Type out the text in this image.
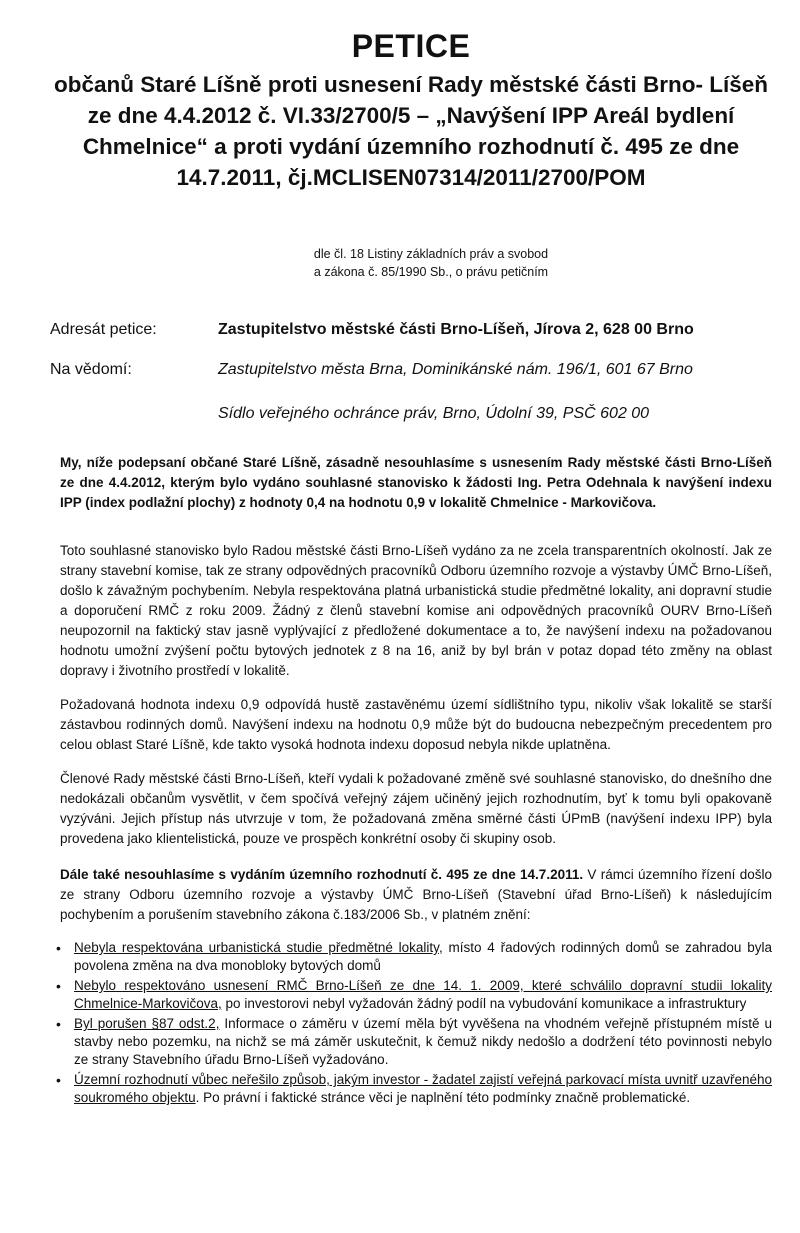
PETICE

občanů Staré Líšně proti usnesení Rady městské části Brno- Líšeň ze dne 4.4.2012 č. VI.33/2700/5 – „Navýšení IPP Areál bydlení Chmelnice“ a proti vydání územního rozhodnutí č. 495 ze dne 14.7.2011, čj.MCLISEN07314/2011/2700/POM

dle čl. 18 Listiny základních práv a svobod
a zákona č. 85/1990 Sb., o právu petičním
Adresát petice:	Zastupitelstvo městské části Brno-Líšeň, Jírova 2, 628 00 Brno
Na vědomí:	Zastupitelstvo města Brna, Dominikánské nám. 196/1, 601 67 Brno
Sídlo veřejného ochránce práv, Brno, Údolní 39, PSČ 602 00

My, níže podepsaní občané Staré Líšně, zásadně nesouhlasíme s usnesením Rady městské části Brno-Líšeň ze dne 4.4.2012, kterým bylo vydáno souhlasné stanovisko k žádosti Ing. Petra Odehnala k navýšení indexu IPP (index podlažní plochy) z hodnoty 0,4 na hodnotu 0,9 v lokalitě Chmelnice - Markovičova.

Toto souhlasné stanovisko bylo Radou městské části Brno-Líšeň vydáno za ne zcela transparentních okolností. Jak ze strany stavební komise, tak ze strany odpovědných pracovníků Odboru územního rozvoje a výstavby ÚMČ Brno-Líšeň, došlo k závažným pochybením. Nebyla respektována platná urbanistická studie předmětné lokality, ani dopravní studie a doporučení RMČ z roku 2009. Žádný z členů stavební komise ani odpovědných pracovníků OURV Brno-Líšeň neupozornil na faktický stav jasně vyplývající z předložené dokumentace a to, že navýšení indexu na požadovanou hodnotu umožní zvýšení počtu bytových jednotek z 8 na 16, aniž by byl brán v potaz dopad této změny na oblast dopravy i životního prostředí v lokalitě.

Požadovaná hodnota indexu 0,9 odpovídá hustě zastavěnému území sídlištního typu, nikoliv však lokalitě se starší zástavbou rodinných domů. Navýšení indexu na hodnotu 0,9 může být do budoucna nebezpečným precedentem pro celou oblast Staré Líšně, kde takto vysoká hodnota indexu doposud nebyla nikde uplatněna.

Členové Rady městské části Brno-Líšeň, kteří vydali k požadované změně své souhlasné stanovisko, do dnešního dne nedokázali občanům vysvětlit, v čem spočívá veřejný zájem učiněný jejich rozhodnutím, byť k tomu byli opakovaně vyzýváni. Jejich přístup nás utvrzuje v tom, že požadovaná změna směrné části ÚPmB (navýšení indexu IPP) byla provedena jako klientelistická, pouze ve prospěch konkrétní osoby či skupiny osob.

Dále také nesouhlasíme s vydáním územního rozhodnutí č. 495 ze dne 14.7.2011. V rámci územního řízení došlo ze strany Odboru územního rozvoje a výstavby ÚMČ Brno-Líšeň (Stavební úřad Brno-Líšeň) k následujícím pochybením a porušením stavebního zákona č.183/2006 Sb., v platném znění:

• Nebyla respektována urbanistická studie předmětné lokality, místo 4 řadových rodinných domů se zahradou byla povolena změna na dva monobloky bytových domů
• Nebylo respektováno usnesení RMČ Brno-Líšeň ze dne 14. 1. 2009, které schválilo dopravní studii lokality Chmelnice-Markovičova, po investorovi nebyl vyžadován žádný podíl na vybudování komunikace a infrastruktury
• Byl porušen §87 odst.2, Informace o záměru v území měla být vyvěšena na vhodném veřejně přístupném místě u stavby nebo pozemku, na nichž se má záměr uskutečnit, k čemuž nikdy nedošlo a dodržení této povinnosti nebylo ze strany Stavebního úřadu Brno-Líšeň vyžadováno.
• Územní rozhodnutí vůbec neřešilo způsob, jakým investor - žadatel zajistí veřejná parkovací místa uvnitř uzavřeného soukromého objektu. Po právní i faktické stránce věci je naplnění této podmínky značně problematické.
